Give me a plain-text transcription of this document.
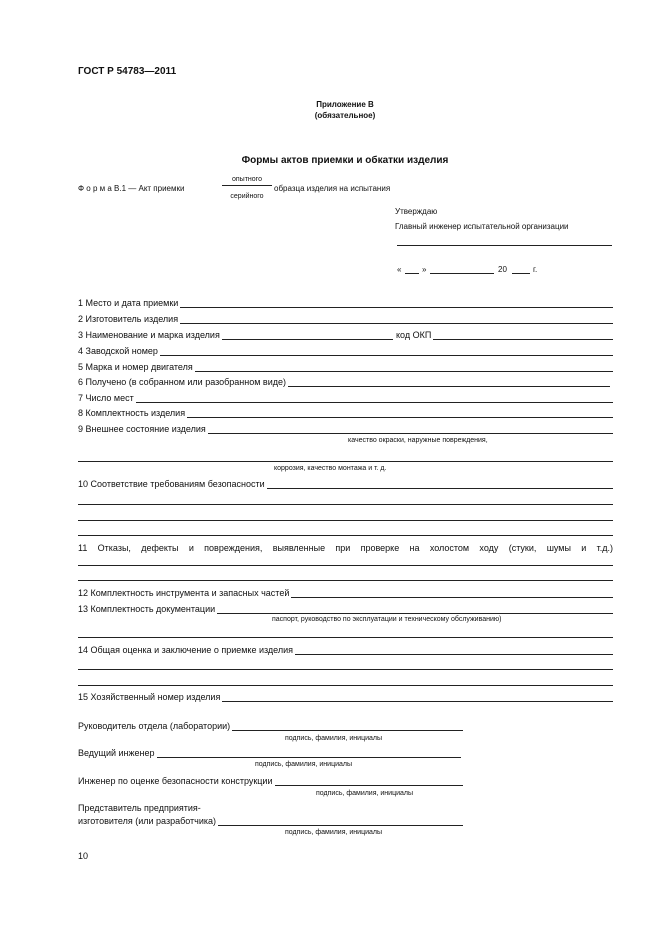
ГОСТ Р 54783—2011
Приложение В
(обязательное)
Формы актов приемки и обкатки изделия
Ф о р м а В.1 — Акт приемки
опытного
серийного
образца изделия на испытания
Утверждаю
Главный инженер испытательной организации
«	»	20	г.
1 Место и дата приемки
2 Изготовитель изделия
3 Наименование и марка изделия	код ОКП
4 Заводской номер
5 Марка и номер двигателя
6 Получено (в собранном или разобранном виде)
7 Число мест
8 Комплектность изделия
9 Внешнее состояние изделия
качество окраски, наружные повреждения,
коррозия, качество монтажа и т. д.
10 Соответствие требованиям безопасности
11 Отказы, дефекты и повреждения, выявленные при проверке на холостом ходу (стуки, шумы и т.д.)
12 Комплектность инструмента и запасных частей
13 Комплектность документации
паспорт, руководство по эксплуатации и техническому обслуживанию)
14 Общая оценка и заключение о приемке изделия
15 Хозяйственный номер изделия
Руководитель отдела (лаборатории)
подпись, фамилия, инициалы
Ведущий инженер
подпись, фамилия, инициалы
Инженер по оценке безопасности конструкции
подпись, фамилия, инициалы
Представитель предприятия-
изготовителя (или разработчика)
подпись, фамилия, инициалы
10
